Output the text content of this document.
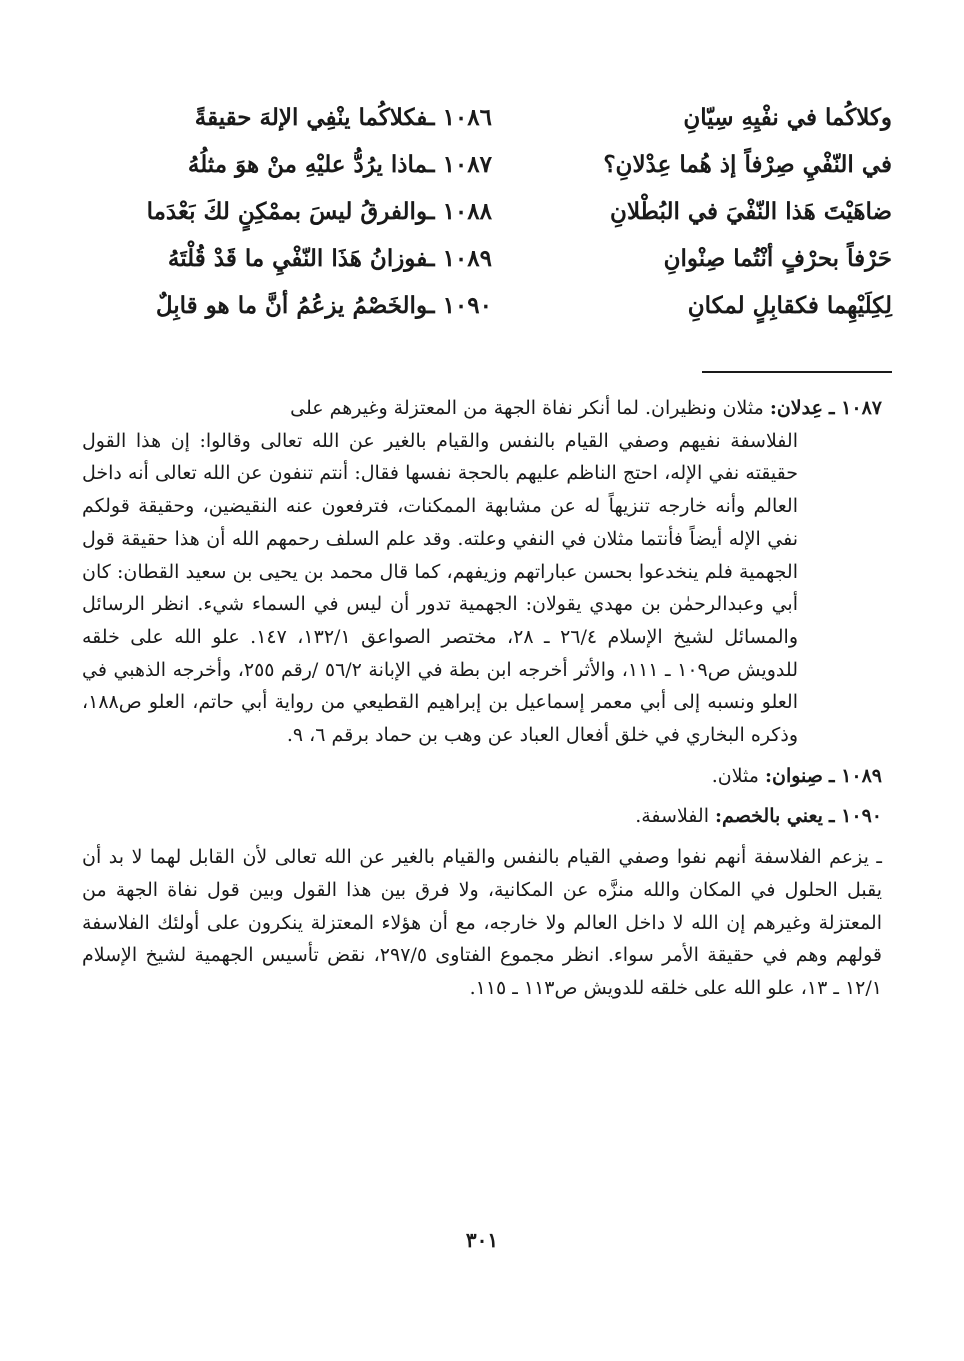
١٠٨٦ ـفكلاكُما ينْفِي الإلهَ حقيقةً	وكلاكُما في نفْيِهِ سِيّانِ
١٠٨٧ ـماذا يرُدُّ عليْهِ منْ هوَ مثلُهُ	في النّفْيِ صِرْفاً إذ هُما عِدْلانِ؟
١٠٨٨ ـوالفرقُ ليسَ بممْكِنٍ لكَ بَعْدَما	ضاهَيْتَ هَذا النّفْيَ في البُطْلانِ
١٠٨٩ ـفوزانُ هَذَا النّفْيِ ما قَدْ قُلْتَهُ	حَرْفاً بحرْفٍ أنْتُما صِنْوانِ
١٠٩٠ ـوالخَصْمُ يزعُمُ أنَّ ما هو قابِلٌ	لِكِلَيْهِما فكقابِلٍ لمكانِ
١٠٨٧ ـ عِدلان: مثلان ونظيران. لما أنكر نفاة الجهة من المعتزلة وغيرهم على
الفلاسفة نفيهم وصفي القيام بالنفس والقيام بالغير عن الله تعالى وقالوا: إن هذا القول حقيقته نفي الإله، احتج الناظم عليهم بالحجة نفسها فقال: أنتم تنفون عن الله تعالى أنه داخل العالم وأنه خارجه تنزيهاً له عن مشابهة الممكنات، فترفعون عنه النقيضين، وحقيقة قولكم نفي الإله أيضاً فأنتما مثلان في النفي وعلته. وقد علم السلف رحمهم الله أن هذا حقيقة قول الجهمية فلم ينخدعوا بحسن عباراتهم وزيفهم، كما قال محمد بن يحيى بن سعيد القطان: كان أبي وعبدالرحمٰن بن مهدي يقولان: الجهمية تدور أن ليس في السماء شيء. انظر الرسائل والمسائل لشيخ الإسلام ٢٦/٤ ـ ٢٨، مختصر الصواعق ١٣٢/١، ١٤٧. علو الله على خلقه للدويش ص١٠٩ ـ ١١١، والأثر أخرجه ابن بطة في الإبانة ٥٦/٢ /رقم ٢٥٥، وأخرجه الذهبي في العلو ونسبه إلى أبي معمر إسماعيل بن إبراهيم القطيعي من رواية أبي حاتم، العلو ص١٨٨، وذكره البخاري في خلق أفعال العباد عن وهب بن حماد برقم ٦، ٩.
١٠٨٩ ـ صِنوان: مثلان.
١٠٩٠ ـ يعني بالخصم: الفلاسفة.

ـ يزعم الفلاسفة أنهم نفوا وصفي القيام بالنفس والقيام بالغير عن الله تعالى لأن القابل لهما لا بد أن يقبل الحلول في المكان والله منزَّه عن المكانية، ولا فرق بين هذا القول وبين قول نفاة الجهة من المعتزلة وغيرهم إن الله لا داخل العالم ولا خارجه، مع أن هؤلاء المعتزلة ينكرون على أولئك الفلاسفة قولهم وهم في حقيقة الأمر سواء. انظر مجموع الفتاوى ٢٩٧/٥، نقض تأسيس الجهمية لشيخ الإسلام ١٢/١ ـ ١٣، علو الله على خلقه للدويش ص١١٣ ـ ١١٥.

٣٠١
